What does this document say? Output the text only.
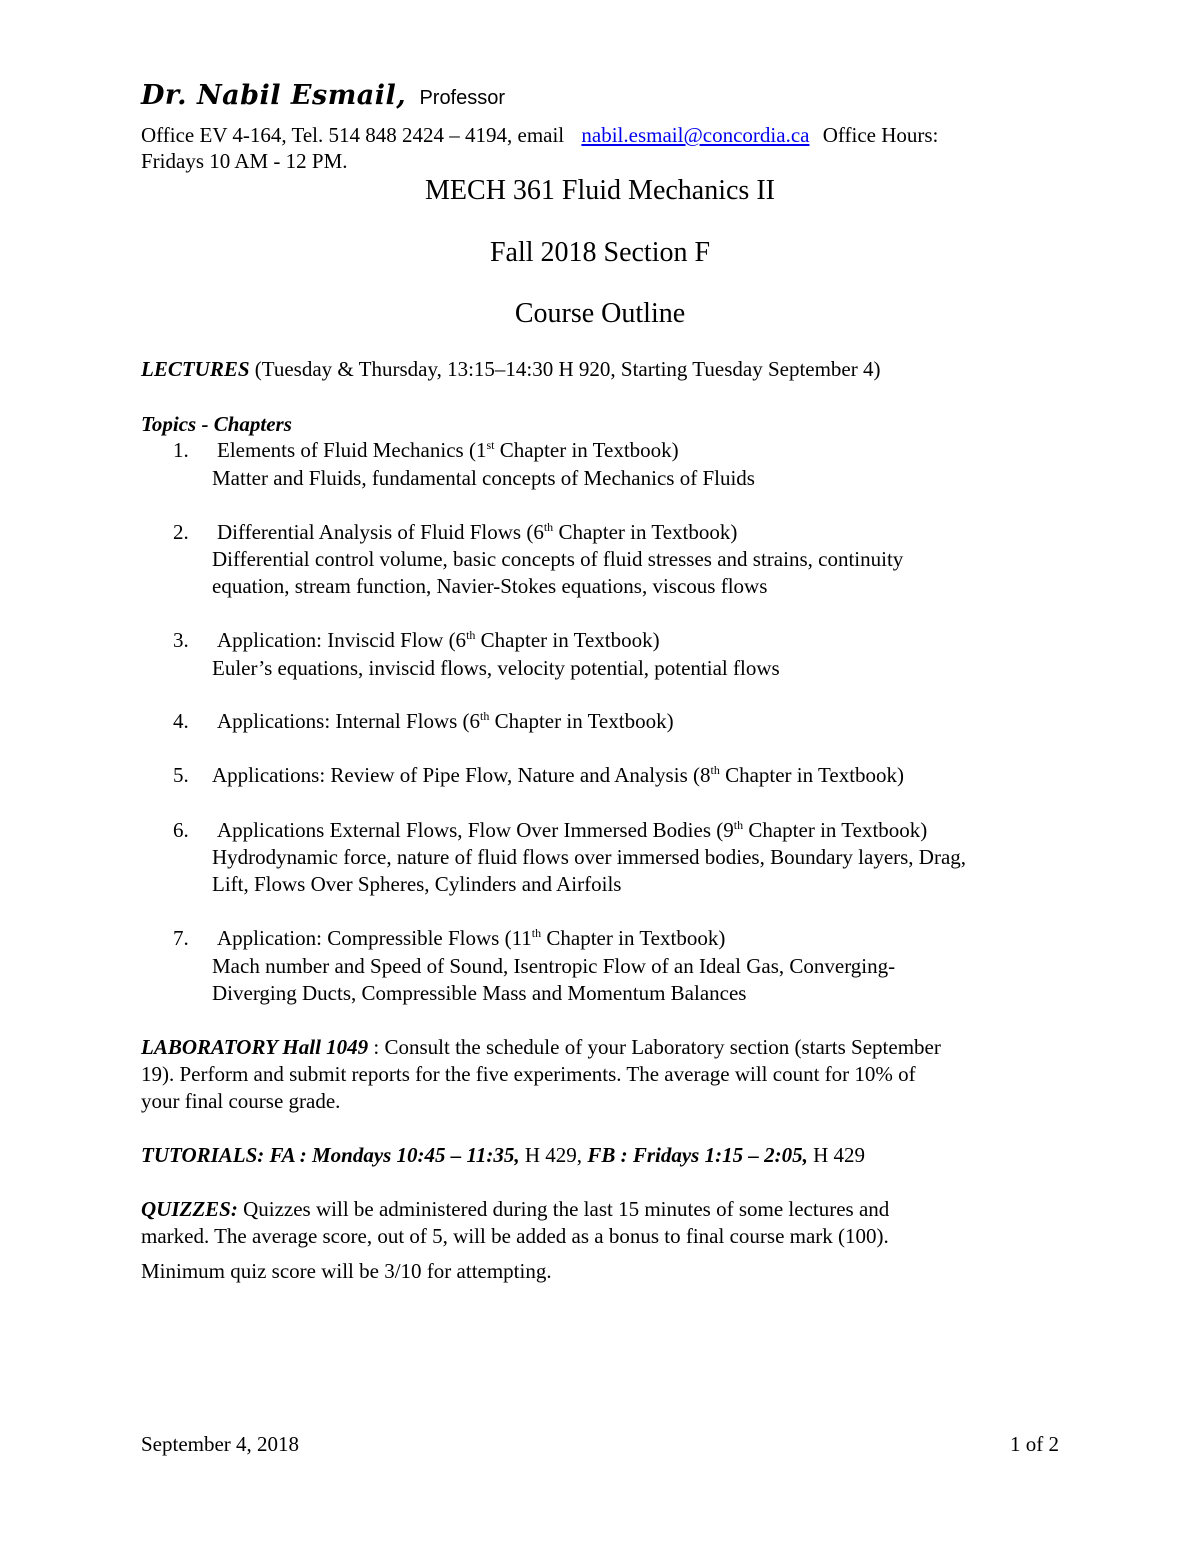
Dr. Nabil Esmail, Professor
Office EV 4-164, Tel. 514 848 2424 – 4194, email nabil.esmail@concordia.ca Office Hours:
Fridays 10 AM - 12 PM.
MECH 361 Fluid Mechanics II
Fall 2018 Section F
Course Outline
LECTURES (Tuesday & Thursday, 13:15–14:30 H 920, Starting Tuesday September 4)
Topics - Chapters
1. Elements of Fluid Mechanics (1st Chapter in Textbook)
Matter and Fluids, fundamental concepts of Mechanics of Fluids
2. Differential Analysis of Fluid Flows (6th Chapter in Textbook)
Differential control volume, basic concepts of fluid stresses and strains, continuity
equation, stream function, Navier-Stokes equations, viscous flows
3. Application: Inviscid Flow (6th Chapter in Textbook)
Euler’s equations, inviscid flows, velocity potential, potential flows
4. Applications: Internal Flows (6th Chapter in Textbook)
5. Applications: Review of Pipe Flow, Nature and Analysis (8th Chapter in Textbook)
6. Applications External Flows, Flow Over Immersed Bodies (9th Chapter in Textbook)
Hydrodynamic force, nature of fluid flows over immersed bodies, Boundary layers, Drag,
Lift, Flows Over Spheres, Cylinders and Airfoils
7. Application: Compressible Flows (11th Chapter in Textbook)
Mach number and Speed of Sound, Isentropic Flow of an Ideal Gas, Converging-
Diverging Ducts, Compressible Mass and Momentum Balances
LABORATORY Hall 1049 : Consult the schedule of your Laboratory section (starts September
19). Perform and submit reports for the five experiments. The average will count for 10% of
your final course grade.
TUTORIALS: FA : Mondays 10:45 – 11:35, H 429, FB : Fridays 1:15 – 2:05, H 429
QUIZZES: Quizzes will be administered during the last 15 minutes of some lectures and
marked. The average score, out of 5, will be added as a bonus to final course mark (100).
Minimum quiz score will be 3/10 for attempting.
September 4, 2018	1 of 2
